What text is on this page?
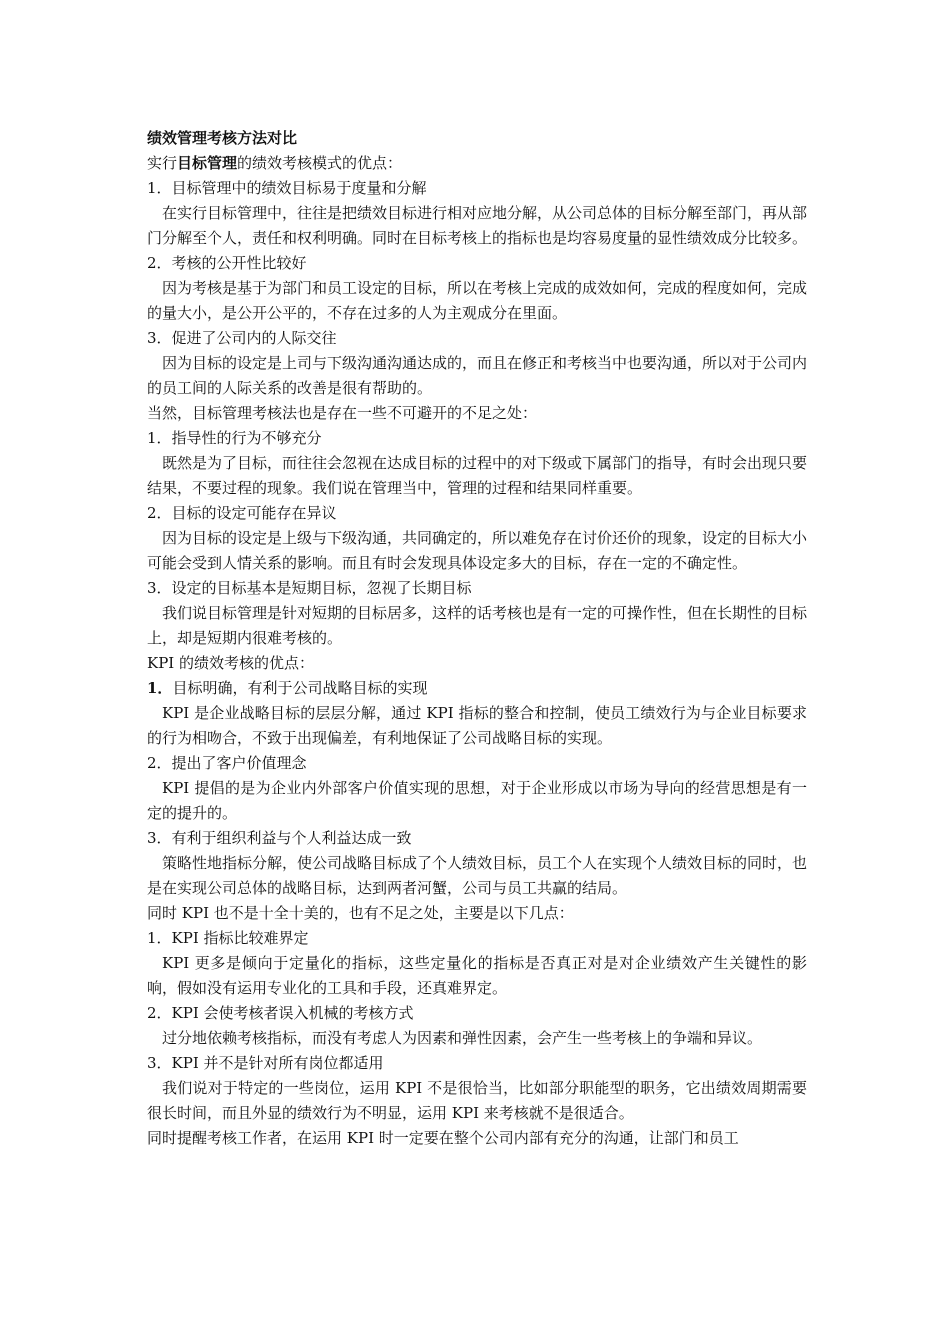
绩效管理考核方法对比

实行目标管理的绩效考核模式的优点：

1．目标管理中的绩效目标易于度量和分解

在实行目标管理中，往往是把绩效目标进行相对应地分解，从公司总体的目标分解至部门，再从部门分解至个人，责任和权利明确。同时在目标考核上的指标也是均容易度量的显性绩效成分比较多。

2．考核的公开性比较好

因为考核是基于为部门和员工设定的目标，所以在考核上完成的成效如何，完成的程度如何，完成的量大小，是公开公平的，不存在过多的人为主观成分在里面。

3．促进了公司内的人际交往

因为目标的设定是上司与下级沟通沟通达成的，而且在修正和考核当中也要沟通，所以对于公司内的员工间的人际关系的改善是很有帮助的。

当然，目标管理考核法也是存在一些不可避开的不足之处：

1．指导性的行为不够充分

既然是为了目标，而往往会忽视在达成目标的过程中的对下级或下属部门的指导，有时会出现只要结果，不要过程的现象。我们说在管理当中，管理的过程和结果同样重要。

2．目标的设定可能存在异议

因为目标的设定是上级与下级沟通，共同确定的，所以难免存在讨价还价的现象，设定的目标大小可能会受到人情关系的影响。而且有时会发现具体设定多大的目标，存在一定的不确定性。

3．设定的目标基本是短期目标，忽视了长期目标

我们说目标管理是针对短期的目标居多，这样的话考核也是有一定的可操作性，但在长期性的目标上，却是短期内很难考核的。

KPI 的绩效考核的优点：

1．目标明确，有利于公司战略目标的实现

KPI 是企业战略目标的层层分解，通过 KPI 指标的整合和控制，使员工绩效行为与企业目标要求的行为相吻合，不致于出现偏差，有利地保证了公司战略目标的实现。

2．提出了客户价值理念

KPI 提倡的是为企业内外部客户价值实现的思想，对于企业形成以市场为导向的经营思想是有一定的提升的。

3．有利于组织利益与个人利益达成一致

策略性地指标分解，使公司战略目标成了个人绩效目标，员工个人在实现个人绩效目标的同时，也是在实现公司总体的战略目标，达到两者河蟹，公司与员工共赢的结局。

同时 KPI 也不是十全十美的，也有不足之处，主要是以下几点：

1．KPI 指标比较难界定

KPI 更多是倾向于定量化的指标，这些定量化的指标是否真正对是对企业绩效产生关键性的影响，假如没有运用专业化的工具和手段，还真难界定。

2．KPI 会使考核者误入机械的考核方式

过分地依赖考核指标，而没有考虑人为因素和弹性因素，会产生一些考核上的争端和异议。

3．KPI 并不是针对所有岗位都适用

我们说对于特定的一些岗位，运用 KPI 不是很恰当，比如部分职能型的职务，它出绩效周期需要很长时间，而且外显的绩效行为不明显，运用 KPI 来考核就不是很适合。

同时提醒考核工作者，在运用 KPI 时一定要在整个公司内部有充分的沟通，让部门和员工
